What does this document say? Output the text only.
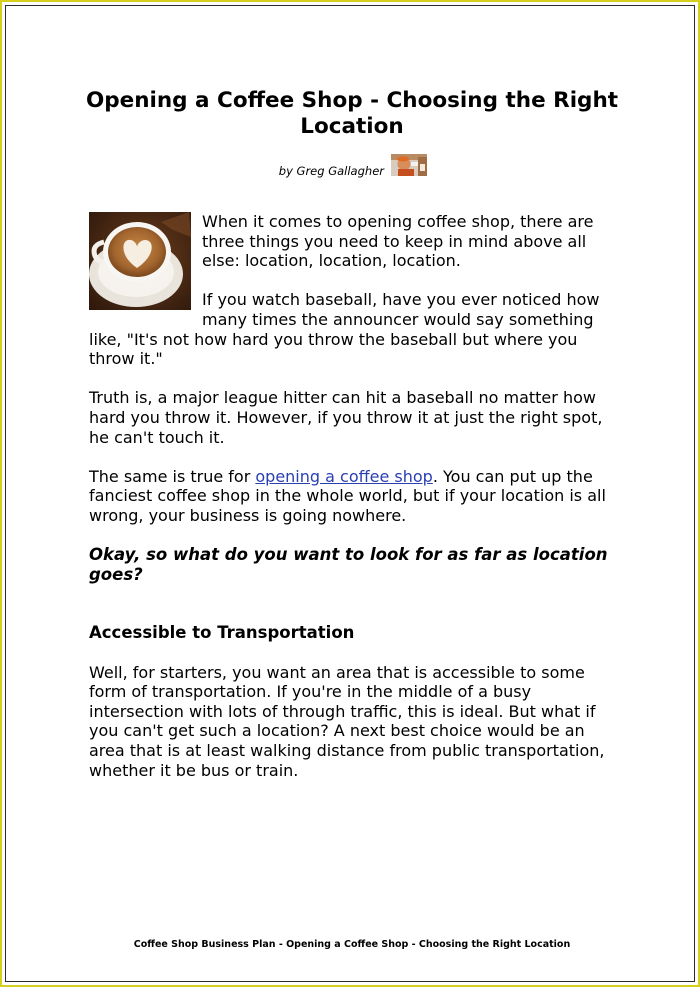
Opening a Coffee Shop - Choosing the Right Location
by Greg Gallagher

When it comes to opening coffee shop, there are three things you need to keep in mind above all else: location, location, location.

If you watch baseball, have you ever noticed how many times the announcer would say something like, "It's not how hard you throw the baseball but where you throw it."

Truth is, a major league hitter can hit a baseball no matter how hard you throw it. However, if you throw it at just the right spot, he can't touch it.

The same is true for opening a coffee shop. You can put up the fanciest coffee shop in the whole world, but if your location is all wrong, your business is going nowhere.

Okay, so what do you want to look for as far as location goes?

Accessible to Transportation

Well, for starters, you want an area that is accessible to some form of transportation. If you're in the middle of a busy intersection with lots of through traffic, this is ideal. But what if you can't get such a location? A next best choice would be an area that is at least walking distance from public transportation, whether it be bus or train.

Coffee Shop Business Plan - Opening a Coffee Shop - Choosing the Right Location
